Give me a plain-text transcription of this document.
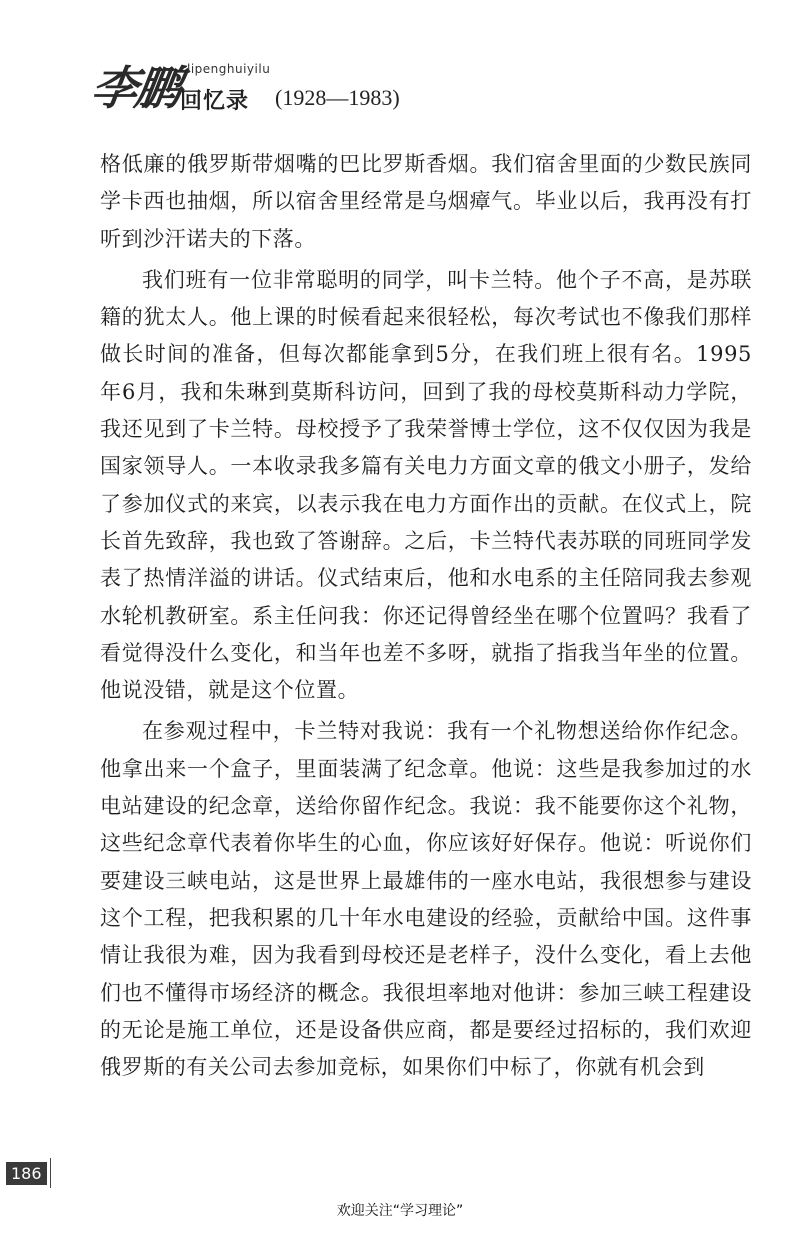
李鹏 lipenghuiyilu
回忆录 (1928—1983)

格低廉的俄罗斯带烟嘴的巴比罗斯香烟。我们宿舍里面的少数民族同学卡西也抽烟，所以宿舍里经常是乌烟瘴气。毕业以后，我再没有打听到沙汗诺夫的下落。

我们班有一位非常聪明的同学，叫卡兰特。他个子不高，是苏联籍的犹太人。他上课的时候看起来很轻松，每次考试也不像我们那样做长时间的准备，但每次都能拿到5分，在我们班上很有名。1995年6月，我和朱琳到莫斯科访问，回到了我的母校莫斯科动力学院，我还见到了卡兰特。母校授予了我荣誉博士学位，这不仅仅因为我是国家领导人。一本收录我多篇有关电力方面文章的俄文小册子，发给了参加仪式的来宾，以表示我在电力方面作出的贡献。在仪式上，院长首先致辞，我也致了答谢辞。之后，卡兰特代表苏联的同班同学发表了热情洋溢的讲话。仪式结束后，他和水电系的主任陪同我去参观水轮机教研室。系主任问我：你还记得曾经坐在哪个位置吗？我看了看觉得没什么变化，和当年也差不多呀，就指了指我当年坐的位置。他说没错，就是这个位置。

在参观过程中，卡兰特对我说：我有一个礼物想送给你作纪念。他拿出来一个盒子，里面装满了纪念章。他说：这些是我参加过的水电站建设的纪念章，送给你留作纪念。我说：我不能要你这个礼物，这些纪念章代表着你毕生的心血，你应该好好保存。他说：听说你们要建设三峡电站，这是世界上最雄伟的一座水电站，我很想参与建设这个工程，把我积累的几十年水电建设的经验，贡献给中国。这件事情让我很为难，因为我看到母校还是老样子，没什么变化，看上去他们也不懂得市场经济的概念。我很坦率地对他讲：参加三峡工程建设的无论是施工单位，还是设备供应商，都是要经过招标的，我们欢迎俄罗斯的有关公司去参加竞标，如果你们中标了，你就有机会到

186
欢迎关注“学习理论”
